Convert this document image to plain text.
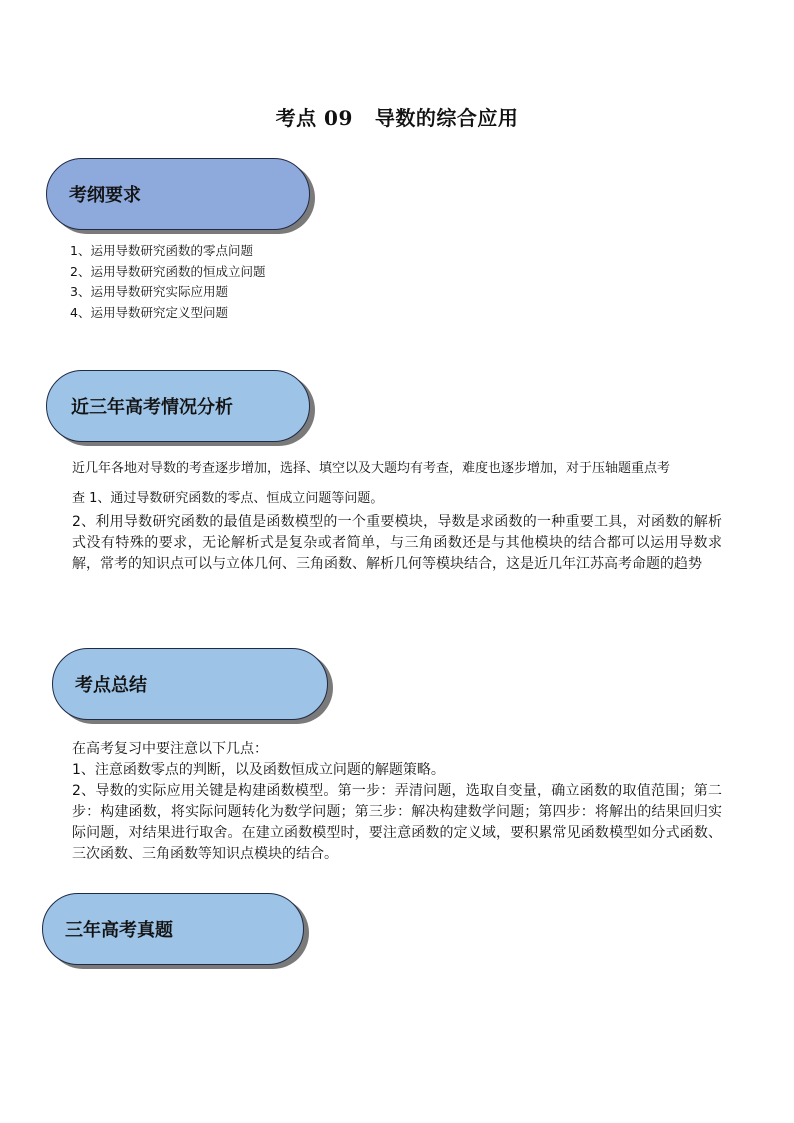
考点 09 导数的综合应用
考纲要求
1、运用导数研究函数的零点问题
2、运用导数研究函数的恒成立问题
3、运用导数研究实际应用题
4、运用导数研究定义型问题
近三年高考情况分析
近几年各地对导数的考查逐步增加，选择、填空以及大题均有考查，难度也逐步增加，对于压轴题重点考
查 1、通过导数研究函数的零点、恒成立问题等问题。
2、利用导数研究函数的最值是函数模型的一个重要模块，导数是求函数的一种重要工具，对函数的解析式没有特殊的要求，无论解析式是复杂或者简单，与三角函数还是与其他模块的结合都可以运用导数求解，常考的知识点可以与立体几何、三角函数、解析几何等模块结合，这是近几年江苏高考命题的趋势
考点总结
在高考复习中要注意以下几点：
1、注意函数零点的判断，以及函数恒成立问题的解题策略。
2、导数的实际应用关键是构建函数模型。第一步：弄清问题，选取自变量，确立函数的取值范围；第二步：构建函数，将实际问题转化为数学问题；第三步：解决构建数学问题；第四步：将解出的结果回归实际问题，对结果进行取舍。在建立函数模型时，要注意函数的定义域，要积累常见函数模型如分式函数、三次函数、三角函数等知识点模块的结合。
三年高考真题
